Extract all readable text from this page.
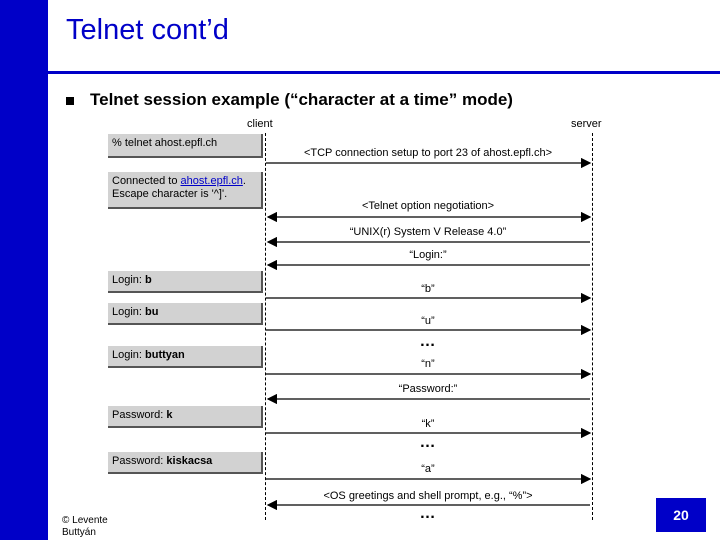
Protocols and vulnerabilities
Telnet cont’d
Telnet session example (“character at a time” mode)
client	server
% telnet ahost.epfl.ch
Connected to ahost.epfl.ch.
Escape character is '^]'.
Login: b
Login: bu
Login: buttyan
Password: k
Password: kiskacsa
<TCP connection setup to port 23 of ahost.epfl.ch>
<Telnet option negotiation>
“UNIX(r) System V Release 4.0”
“Login:”
“b”
“u”
…
“n”
“Password:”
“k”
…
“a”
<OS greetings and shell prompt, e.g., “%”>
…
© Levente
Buttyán
20
